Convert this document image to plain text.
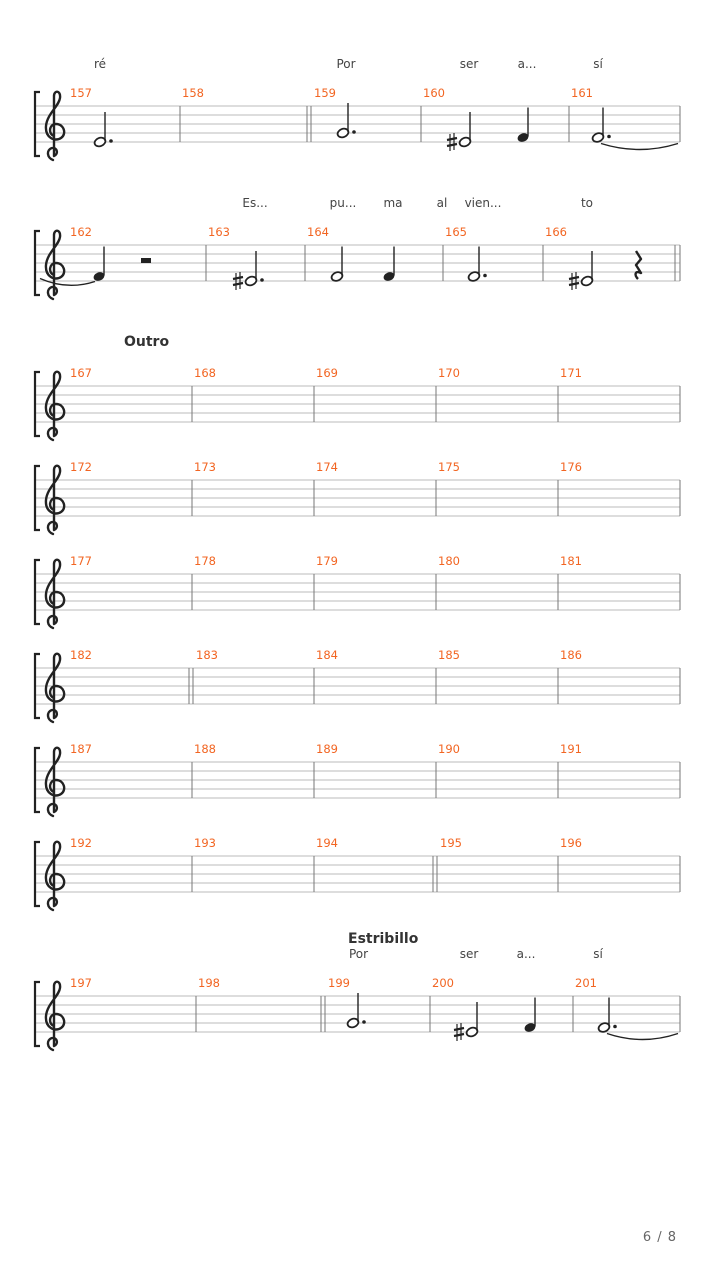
157	158	159	160	161
ré	Por	ser	a...	sí
162	163	164	165	166
Es...	pu... ma	al vien...	to
167	168	169	170	171
Outro
172	173	174	175	176
177	178	179	180	181
182	183	184	185	186
187	188	189	190	191
192	193	194	195	196
197	198	199	200	201
Estribillo
Por	ser	a...	sí
6 / 8
